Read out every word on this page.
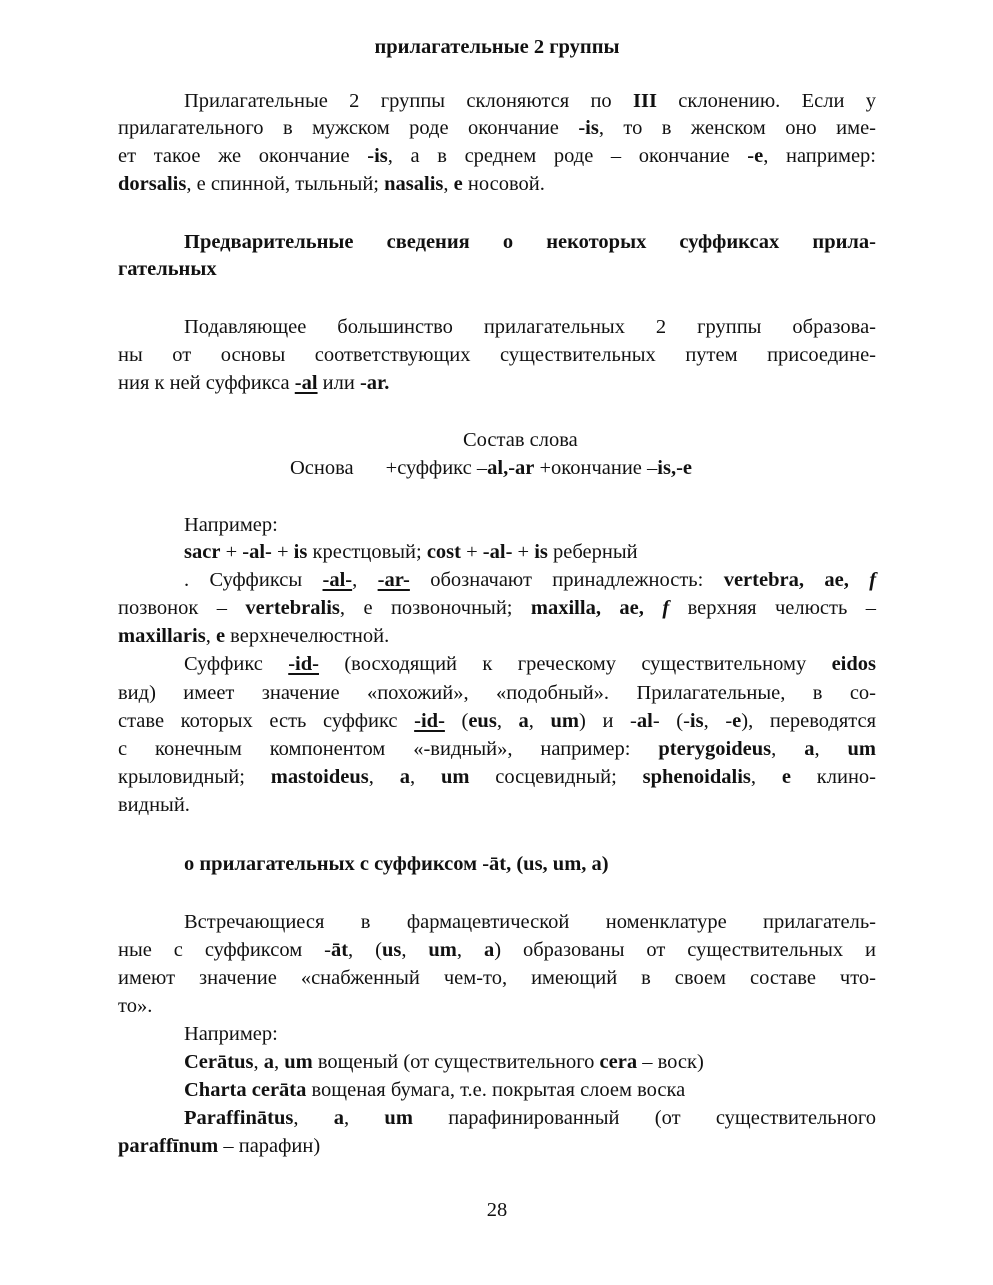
прилагательные 2 группы
Прилагательные 2 группы склоняются по III склонению. Если у
прилагательного в мужском роде окончание -is, то в женском оно име-
ет такое же окончание -is, а в среднем роде – окончание -е, например:
dorsalis, е спинной, тыльный; nasalis, е носовой.
Предварительные сведения о некоторых суффиксах прила-
гательных
Подавляющее большинство прилагательных 2 группы образова-
ны от основы соответствующих существительных путем присоедине-
ния к ней суффикса -al или -ar.
Состав слова
Основа +суффикс –al,-ar +окончание –is,-e
Например:
sacr + -al- + is крестцовый; cost + -al- + is реберный
. Суффиксы -al-, -ar- обозначают принадлежность: vertebra, ae, f
позвонок – vertebralis, е позвоночный; maxilla, ae, f верхняя челюсть –
maxillaris, е верхнечелюстной.
Суффикс -id- (восходящий к греческому существительному eidos
вид) имеет значение «похожий», «подобный». Прилагательные, в со-
ставе которых есть суффикс -id- (eus, a, um) и -al- (-is, -e), переводятся
с конечным компонентом «-видный», например: pterygoideus, a, um
крыловидный; mastoideus, a, um сосцевидный; sphenoidalis, e клино-
видный.
о прилагательных с суффиксом -āt, (us, um, a)
Встречающиеся в фармацевтической номенклатуре прилагатель-
ные с суффиксом -āt, (us, um, a) образованы от существительных и
имеют значение «снабженный чем-то, имеющий в своем составе что-
то».
Например:
Cerātus, a, um вощеный (от существительного cera – воск)
Charta cerāta вощеная бумага, т.е. покрытая слоем воска
Paraffinātus, a, um парафинированный (от существительного
paraffīnum – парафин)
28
